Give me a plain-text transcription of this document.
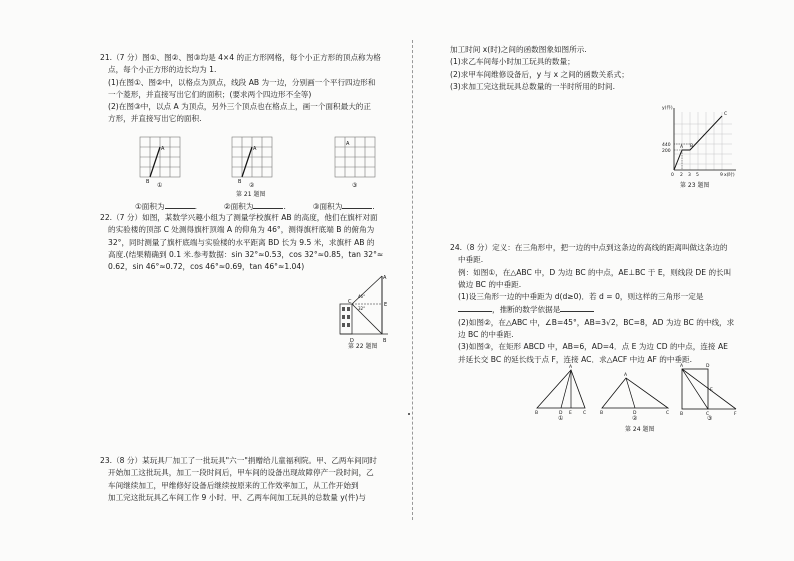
21.（7 分）图①、图②、图③均是 4×4 的正方形网格，每个小正方形的顶点称为格

点，每个小正方形的边长均为 1.

(1)在图①、图②中，以格点为顶点，线段 AB 为一边，分别画一个平行四边形和

一个菱形，并直接写出它们的面积；(要求两个四边形不全等)

(2)在图③中，以点 A 为顶点，另外三个顶点也在格点上，画一个面积最大的正

方形，并直接写出它的面积.

A
B
A
B
A
①	②	③
第 21 题图
①面积为	.	②面积为	.	③面积为	.

22.（7 分）如图，某数学兴趣小组为了测量学校旗杆 AB 的高度，他们在旗杆对面

的实验楼的顶部 C 处测得旗杆顶端 A 的仰角为 46°，测得旗杆底端 B 的俯角为

32°，同时测量了旗杆底端与实验楼的水平距离 BD 长为 9.5 米，求旗杆 AB 的

高度.(结果精确到 0.1 米.参考数据：sin 32°≈0.53，cos 32°≈0.85，tan 32°≈

0.62，sin 46°≈0.72，cos 46°≈0.69，tan 46°≈1.04)

C
A
E
B
D
46°
32°
第 22 题图

23.（8 分）某玩具厂加工了一批玩具"六一"捐赠给儿童福利院。甲、乙两车间同时

开始加工这批玩具，加工一段时间后，甲车间的设备出现故障停产一段时间，乙

车间继续加工，甲维修好设备后继续按原来的工作效率加工，从工作开始到

加工完这批玩具乙车间工作 9 小时．甲、乙两车间加工玩具的总数量 y(件)与

加工时间 x(时)之间的函数图象如图所示.

(1)求乙车间每小时加工玩具的数量；

(2)求甲车间维修设备后，y 与 x 之间的函数关系式；

(3)求加工完这批玩具总数量的一半时所用的时间.

y(件)
x(时)
440
200
0 2 3 5	9
C
B
A
第 23 题图

24.（8 分）定义：在三角形中，把一边的中点到这条边的高线的距离叫做这条边的

中垂距.

例：如图①，在△ABC 中，D 为边 BC 的中点，AE⊥BC 于 E，则线段 DE 的长叫

做边 BC 的中垂距.

(1)设三角形一边的中垂距为 d(d≥0)．若 d = 0，则这样的三角形一定是

，推断的数学依据是

(2)如图②，在△ABC 中，∠B=45°，AB=3√2，BC=8，AD 为边 BC 的中线，求

边 BC 的中垂距.

(3)如图③，在矩形 ABCD 中，AB=6，AD=4．点 E 为边 CD 的中点，连接 AE

并延长交 BC 的延长线于点 F，连接 AC．求△ACF 中边 AF 的中垂距.

A
B	D E C
A
B	D	C
A	D
E
B	C	F
①	②	③
第 24 题图
